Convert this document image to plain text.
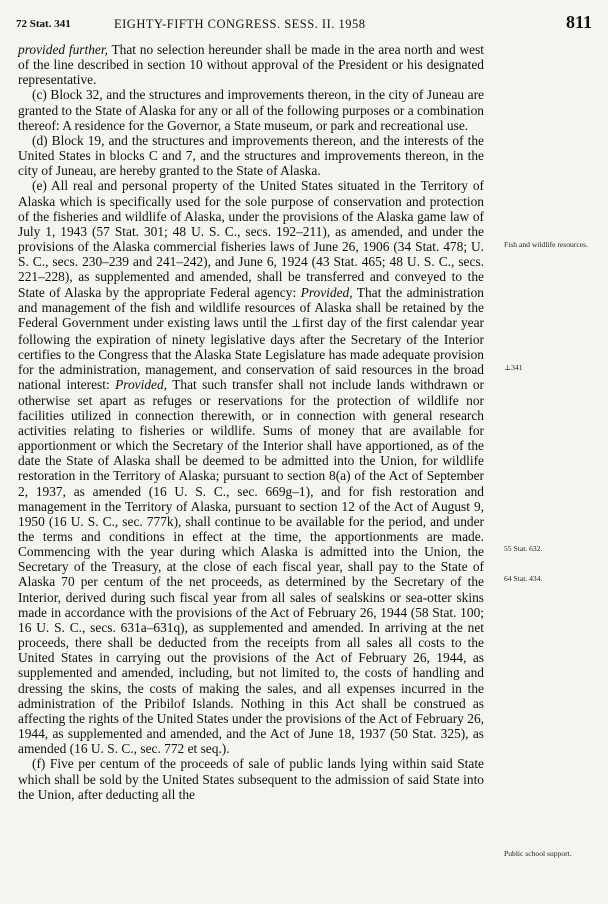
72 Stat. 341	EIGHTY-FIFTH CONGRESS. SESS. II. 1958	811

provided further, That no selection hereunder shall be made in the area north and west of the line described in section 10 without approval of the President or his designated representative.

(c) Block 32, and the structures and improvements thereon, in the city of Juneau are granted to the State of Alaska for any or all of the following purposes or a combination thereof: A residence for the Governor, a State museum, or park and recreational use.

(d) Block 19, and the structures and improvements thereon, and the interests of the United States in blocks C and 7, and the structures and improvements thereon, in the city of Juneau, are hereby granted to the State of Alaska.

(e) All real and personal property of the United States situated in the Territory of Alaska which is specifically used for the sole purpose of conservation and protection of the fisheries and wildlife of Alaska, under the provisions of the Alaska game law of July 1, 1943 (57 Stat. 301; 48 U. S. C., secs. 192–211), as amended, and under the provisions of the Alaska commercial fisheries laws of June 26, 1906 (34 Stat. 478; U. S. C., secs. 230–239 and 241–242), and June 6, 1924 (43 Stat. 465; 48 U. S. C., secs. 221–228), as supplemented and amended, shall be transferred and conveyed to the State of Alaska by the appropriate Federal agency: Provided, That the administration and management of the fish and wildlife resources of Alaska shall be retained by the Federal Government under existing laws until the ⊥first day of the first calendar year following the expiration of ninety legislative days after the Secretary of the Interior certifies to the Congress that the Alaska State Legislature has made adequate provision for the administration, management, and conservation of said resources in the broad national interest: Provided, That such transfer shall not include lands withdrawn or otherwise set apart as refuges or reservations for the protection of wildlife nor facilities utilized in connection therewith, or in connection with general research activities relating to fisheries or wildlife. Sums of money that are available for apportionment or which the Secretary of the Interior shall have apportioned, as of the date the State of Alaska shall be deemed to be admitted into the Union, for wildlife restoration in the Territory of Alaska; pursuant to section 8(a) of the Act of September 2, 1937, as amended (16 U. S. C., sec. 669g–1), and for fish restoration and management in the Territory of Alaska, pursuant to section 12 of the Act of August 9, 1950 (16 U. S. C., sec. 777k), shall continue to be available for the period, and under the terms and conditions in effect at the time, the apportionments are made. Commencing with the year during which Alaska is admitted into the Union, the Secretary of the Treasury, at the close of each fiscal year, shall pay to the State of Alaska 70 per centum of the net proceeds, as determined by the Secretary of the Interior, derived during such fiscal year from all sales of sealskins or sea-otter skins made in accordance with the provisions of the Act of February 26, 1944 (58 Stat. 100; 16 U. S. C., secs. 631a–631q), as supplemented and amended. In arriving at the net proceeds, there shall be deducted from the receipts from all sales all costs to the United States in carrying out the provisions of the Act of February 26, 1944, as supplemented and amended, including, but not limited to, the costs of handling and dressing the skins, the costs of making the sales, and all expenses incurred in the administration of the Pribilof Islands. Nothing in this Act shall be construed as affecting the rights of the United States under the provisions of the Act of February 26, 1944, as supplemented and amended, and the Act of June 18, 1937 (50 Stat. 325), as amended (16 U. S. C., sec. 772 et seq.).

(f) Five per centum of the proceeds of sale of public lands lying within said State which shall be sold by the United States subsequent to the admission of said State into the Union, after deducting all the

Fish and wildlife resources.
⊥341
55 Stat. 632.
64 Stat. 434.
Public school support.
